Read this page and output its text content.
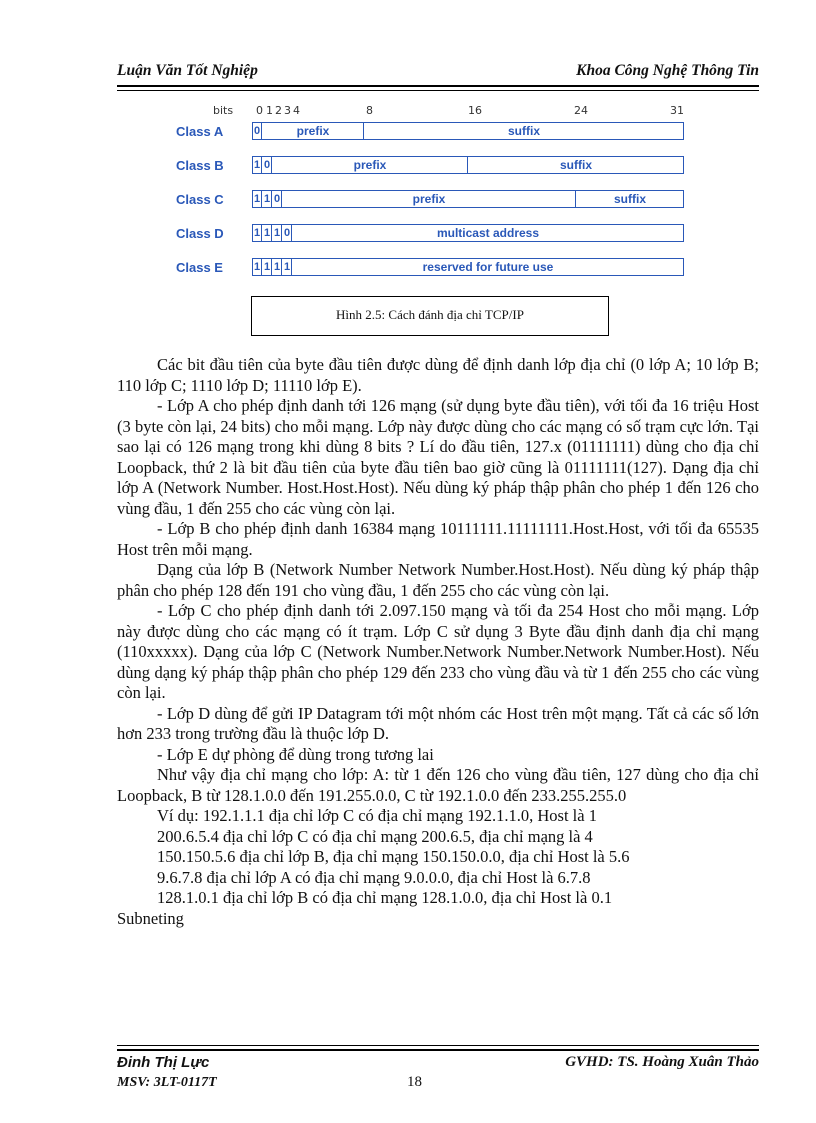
Luận Văn Tốt Nghiệp	Khoa Công Nghệ Thông Tin
bits 0 1 2 3 4	8	16	24	31
Class A	0	prefix	suffix
Class B	1 0	prefix	suffix
Class C	1 1 0	prefix	suffix
Class D	1 1 1 0	multicast address
Class E	1 1 1 1	reserved for future use
Hình 2.5: Cách đánh địa chỉ TCP/IP

Các bit đầu tiên của byte đầu tiên được dùng để định danh lớp địa chỉ (0 lớp A; 10 lớp B; 110 lớp C; 1110 lớp D; 11110 lớp E).

- Lớp A cho phép định danh tới 126 mạng (sử dụng byte đầu tiên), với tối đa 16 triệu Host (3 byte còn lại, 24 bits) cho mỗi mạng. Lớp này được dùng cho các mạng có số trạm cực lớn. Tại sao lại có 126 mạng trong khi dùng 8 bits ? Lí do đầu tiên, 127.x (01111111) dùng cho địa chỉ Loopback, thứ 2 là bit đầu tiên của byte đầu tiên bao giờ cũng là 01111111(127). Dạng địa chỉ lớp A (Network Number. Host.Host.Host). Nếu dùng ký pháp thập phân cho phép 1 đến 126 cho vùng đầu, 1 đến 255 cho các vùng còn lại.

- Lớp B cho phép định danh 16384 mạng 10111111.11111111.Host.Host, với tối đa 65535 Host trên mỗi mạng.

Dạng của lớp B (Network Number Network Number.Host.Host). Nếu dùng ký pháp thập phân cho phép 128 đến 191 cho vùng đầu, 1 đến 255 cho các vùng còn lại.

- Lớp C cho phép định danh tới 2.097.150 mạng và tối đa 254 Host cho mỗi mạng. Lớp này được dùng cho các mạng có ít trạm. Lớp C sử dụng 3 Byte đầu định danh địa chỉ mạng (110xxxxx). Dạng của lớp C (Network Number.Network Number.Network Number.Host). Nếu dùng dạng ký pháp thập phân cho phép 129 đến 233 cho vùng đầu và từ 1 đến 255 cho các vùng còn lại.

- Lớp D dùng để gửi IP Datagram tới một nhóm các Host trên một mạng. Tất cả các số lớn hơn 233 trong trường đầu là thuộc lớp D.

- Lớp E dự phòng để dùng trong tương lai

Như vậy địa chỉ mạng cho lớp: A: từ 1 đến 126 cho vùng đầu tiên, 127 dùng cho địa chỉ Loopback, B từ 128.1.0.0 đến 191.255.0.0, C từ 192.1.0.0 đến 233.255.255.0

Ví dụ: 192.1.1.1 địa chỉ lớp C có địa chỉ mạng 192.1.1.0, Host là 1

200.6.5.4 địa chỉ lớp C có địa chỉ mạng 200.6.5, địa chỉ mạng là 4

150.150.5.6 địa chỉ lớp B, địa chỉ mạng 150.150.0.0, địa chỉ Host là 5.6

9.6.7.8 địa chỉ lớp A có địa chỉ mạng 9.0.0.0, địa chỉ Host là 6.7.8

128.1.0.1 địa chỉ lớp B có địa chỉ mạng 128.1.0.0, địa chỉ Host là 0.1

Subneting

Đinh Thị Lực	GVHD: TS. Hoàng Xuân Thảo
MSV: 3LT-0117T	18
